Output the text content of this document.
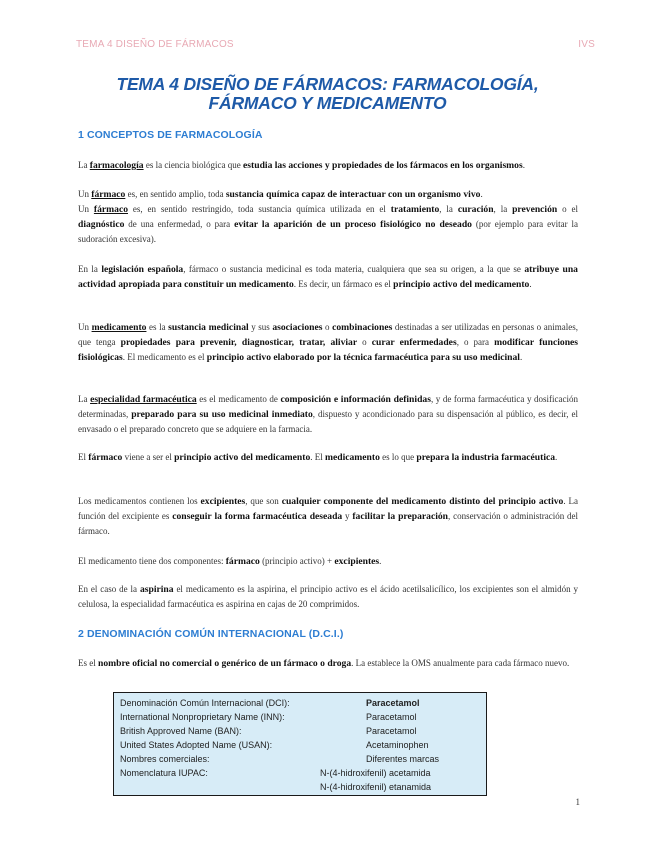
TEMA 4 DISEÑO DE FÁRMACOS	IVS
TEMA 4 DISEÑO DE FÁRMACOS: FARMACOLOGÍA,
FÁRMACO Y MEDICAMENTO
1 CONCEPTOS DE FARMACOLOGÍA
La farmacología es la ciencia biológica que estudia las acciones y propiedades de los fármacos en los organismos.
Un fármaco es, en sentido amplio, toda sustancia química capaz de interactuar con un organismo vivo.
Un fármaco es, en sentido restringido, toda sustancia química utilizada en el tratamiento, la curación, la prevención o el diagnóstico de una enfermedad, o para evitar la aparición de un proceso fisiológico no deseado (por ejemplo para evitar la sudoración excesiva).
En la legislación española, fármaco o sustancia medicinal es toda materia, cualquiera que sea su origen, a la que se atribuye una actividad apropiada para constituir un medicamento. Es decir, un fármaco es el principio activo del medicamento.
Un medicamento es la sustancia medicinal y sus asociaciones o combinaciones destinadas a ser utilizadas en personas o animales, que tenga propiedades para prevenir, diagnosticar, tratar, aliviar o curar enfermedades, o para modificar funciones fisiológicas. El medicamento es el principio activo elaborado por la técnica farmacéutica para su uso medicinal.
La especialidad farmacéutica es el medicamento de composición e información definidas, y de forma farmacéutica y dosificación determinadas, preparado para su uso medicinal inmediato, dispuesto y acondicionado para su dispensación al público, es decir, el envasado o el preparado concreto que se adquiere en la farmacia.
El fármaco viene a ser el principio activo del medicamento. El medicamento es lo que prepara la industria farmacéutica.
Los medicamentos contienen los excipientes, que son cualquier componente del medicamento distinto del principio activo. La función del excipiente es conseguir la forma farmacéutica deseada y facilitar la preparación, conservación o administración del fármaco.
El medicamento tiene dos componentes: fármaco (principio activo) + excipientes.
En el caso de la aspirina el medicamento es la aspirina, el principio activo es el ácido acetilsalicílico, los excipientes son el almidón y celulosa, la especialidad farmacéutica es aspirina en cajas de 20 comprimidos.
2 DENOMINACIÓN COMÚN INTERNACIONAL (D.C.I.)
Es el nombre oficial no comercial o genérico de un fármaco o droga. La establece la OMS anualmente para cada fármaco nuevo.
Denominación Común Internacional (DCI):	Paracetamol
International Nonproprietary Name (INN):	Paracetamol
British Approved Name (BAN):	Paracetamol
United States Adopted Name (USAN):	Acetaminophen
Nombres comerciales:	Diferentes marcas
Nomenclatura IUPAC:	N-(4-hidroxifenil) acetamida
N-(4-hidroxifenil) etanamida
1
